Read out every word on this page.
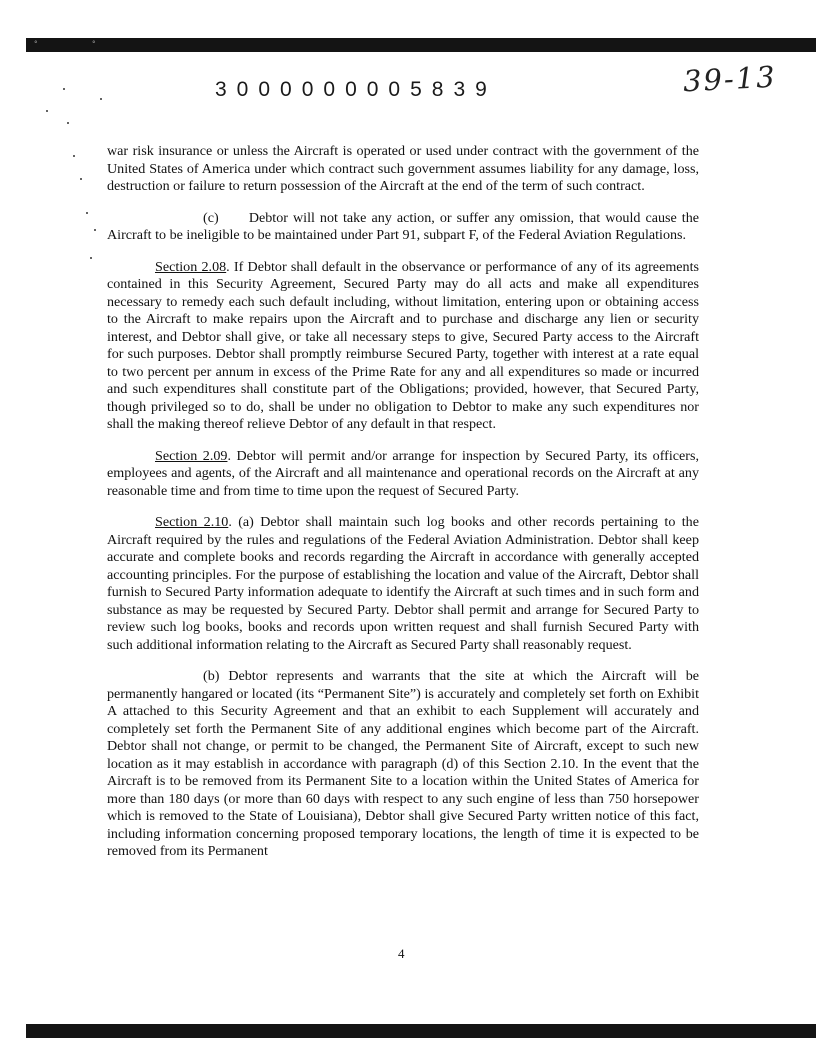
°	°
3000000005839	39-13

war risk insurance or unless the Aircraft is operated or used under contract with the government of the United States of America under which contract such government assumes liability for any damage, loss, destruction or failure to return possession of the Aircraft at the end of the term of such contract.

(c) Debtor will not take any action, or suffer any omission, that would cause the Aircraft to be ineligible to be maintained under Part 91, subpart F, of the Federal Aviation Regulations.

Section 2.08. If Debtor shall default in the observance or performance of any of its agreements contained in this Security Agreement, Secured Party may do all acts and make all expenditures necessary to remedy each such default including, without limitation, entering upon or obtaining access to the Aircraft to make repairs upon the Aircraft and to purchase and discharge any lien or security interest, and Debtor shall give, or take all necessary steps to give, Secured Party access to the Aircraft for such purposes. Debtor shall promptly reimburse Secured Party, together with interest at a rate equal to two percent per annum in excess of the Prime Rate for any and all expenditures so made or incurred and such expenditures shall constitute part of the Obligations; provided, however, that Secured Party, though privileged so to do, shall be under no obligation to Debtor to make any such expenditures nor shall the making thereof relieve Debtor of any default in that respect.

Section 2.09. Debtor will permit and/or arrange for inspection by Secured Party, its officers, employees and agents, of the Aircraft and all maintenance and operational records on the Aircraft at any reasonable time and from time to time upon the request of Secured Party.

Section 2.10. (a) Debtor shall maintain such log books and other records pertaining to the Aircraft required by the rules and regulations of the Federal Aviation Administration. Debtor shall keep accurate and complete books and records regarding the Aircraft in accordance with generally accepted accounting principles. For the purpose of establishing the location and value of the Aircraft, Debtor shall furnish to Secured Party information adequate to identify the Aircraft at such times and in such form and substance as may be requested by Secured Party. Debtor shall permit and arrange for Secured Party to review such log books, books and records upon written request and shall furnish Secured Party with such additional information relating to the Aircraft as Secured Party shall reasonably request.

(b) Debtor represents and warrants that the site at which the Aircraft will be permanently hangared or located (its “Permanent Site”) is accurately and completely set forth on Exhibit A attached to this Security Agreement and that an exhibit to each Supplement will accurately and completely set forth the Permanent Site of any additional engines which become part of the Aircraft. Debtor shall not change, or permit to be changed, the Permanent Site of Aircraft, except to such new location as it may establish in accordance with paragraph (d) of this Section 2.10. In the event that the Aircraft is to be removed from its Permanent Site to a location within the United States of America for more than 180 days (or more than 60 days with respect to any such engine of less than 750 horsepower which is removed to the State of Louisiana), Debtor shall give Secured Party written notice of this fact, including information concerning proposed temporary locations, the length of time it is expected to be removed from its Permanent

4
